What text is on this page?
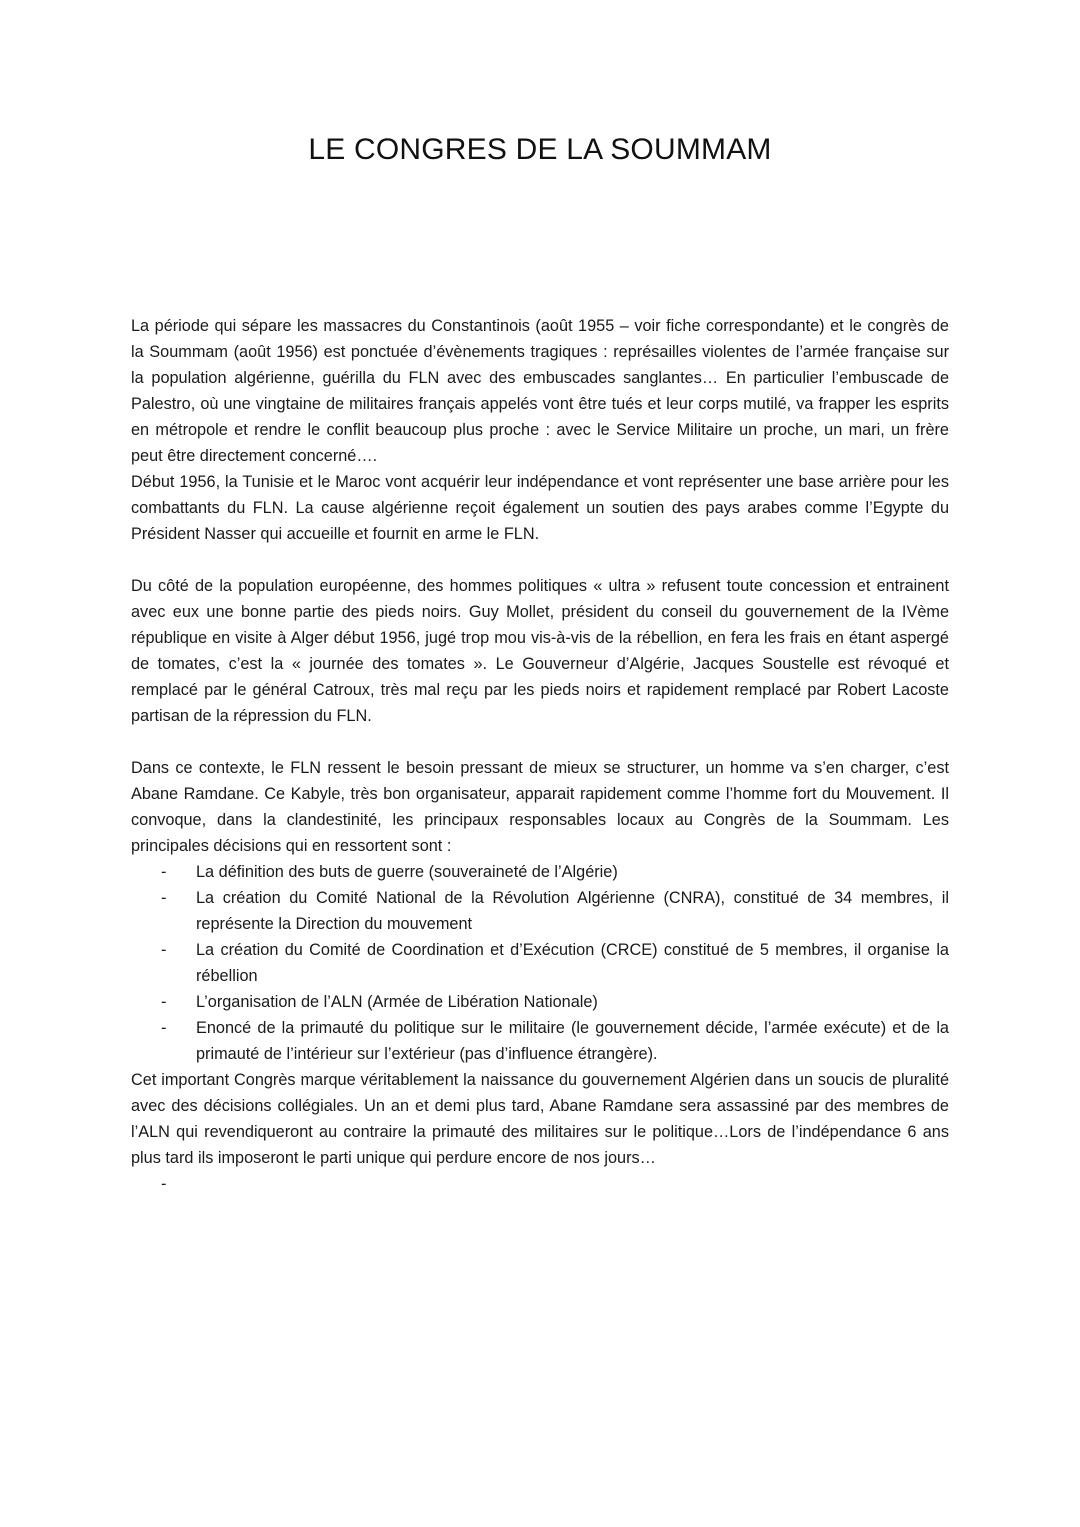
LE CONGRES DE LA SOUMMAM

La période qui sépare les massacres du Constantinois (août 1955 – voir fiche correspondante) et le congrès de la Soummam (août 1956) est ponctuée d’évènements tragiques : représailles violentes de l’armée française sur la population algérienne, guérilla du FLN avec des embuscades sanglantes… En particulier l’embuscade de Palestro, où une vingtaine de militaires français appelés vont être tués et leur corps mutilé, va frapper les esprits en métropole et rendre le conflit beaucoup plus proche : avec le Service Militaire un proche, un mari, un frère peut être directement concerné….

Début 1956, la Tunisie et le Maroc vont acquérir leur indépendance et vont représenter une base arrière pour les combattants du FLN. La cause algérienne reçoit également un soutien des pays arabes comme l’Egypte du Président Nasser qui accueille et fournit en arme le FLN.

Du côté de la population européenne, des hommes politiques « ultra » refusent toute concession et entrainent avec eux une bonne partie des pieds noirs. Guy Mollet, président du conseil du gouvernement de la IVème république en visite à Alger début 1956, jugé trop mou vis-à-vis de la rébellion, en fera les frais en étant aspergé de tomates, c’est la « journée des tomates ». Le Gouverneur d’Algérie, Jacques Soustelle est révoqué et remplacé par le général Catroux, très mal reçu par les pieds noirs et rapidement remplacé par Robert Lacoste partisan de la répression du FLN.

Dans ce contexte, le FLN ressent le besoin pressant de mieux se structurer, un homme va s’en charger, c’est Abane Ramdane. Ce Kabyle, très bon organisateur, apparait rapidement comme l’homme fort du Mouvement. Il convoque, dans la clandestinité, les principaux responsables locaux au Congrès de la Soummam. Les principales décisions qui en ressortent sont :

- La définition des buts de guerre (souveraineté de l’Algérie)
- La création du Comité National de la Révolution Algérienne (CNRA), constitué de 34 membres, il représente la Direction du mouvement
- La création du Comité de Coordination et d’Exécution (CRCE) constitué de 5 membres, il organise la rébellion
- L’organisation de l’ALN (Armée de Libération Nationale)
- Enoncé de la primauté du politique sur le militaire (le gouvernement décide, l’armée exécute) et de la primauté de l’intérieur sur l’extérieur (pas d’influence étrangère).

Cet important Congrès marque véritablement la naissance du gouvernement Algérien dans un soucis de pluralité avec des décisions collégiales. Un an et demi plus tard, Abane Ramdane sera assassiné par des membres de l’ALN qui revendiqueront au contraire la primauté des militaires sur le politique…Lors de l’indépendance 6 ans plus tard ils imposeront le parti unique qui perdure encore de nos jours…

-
